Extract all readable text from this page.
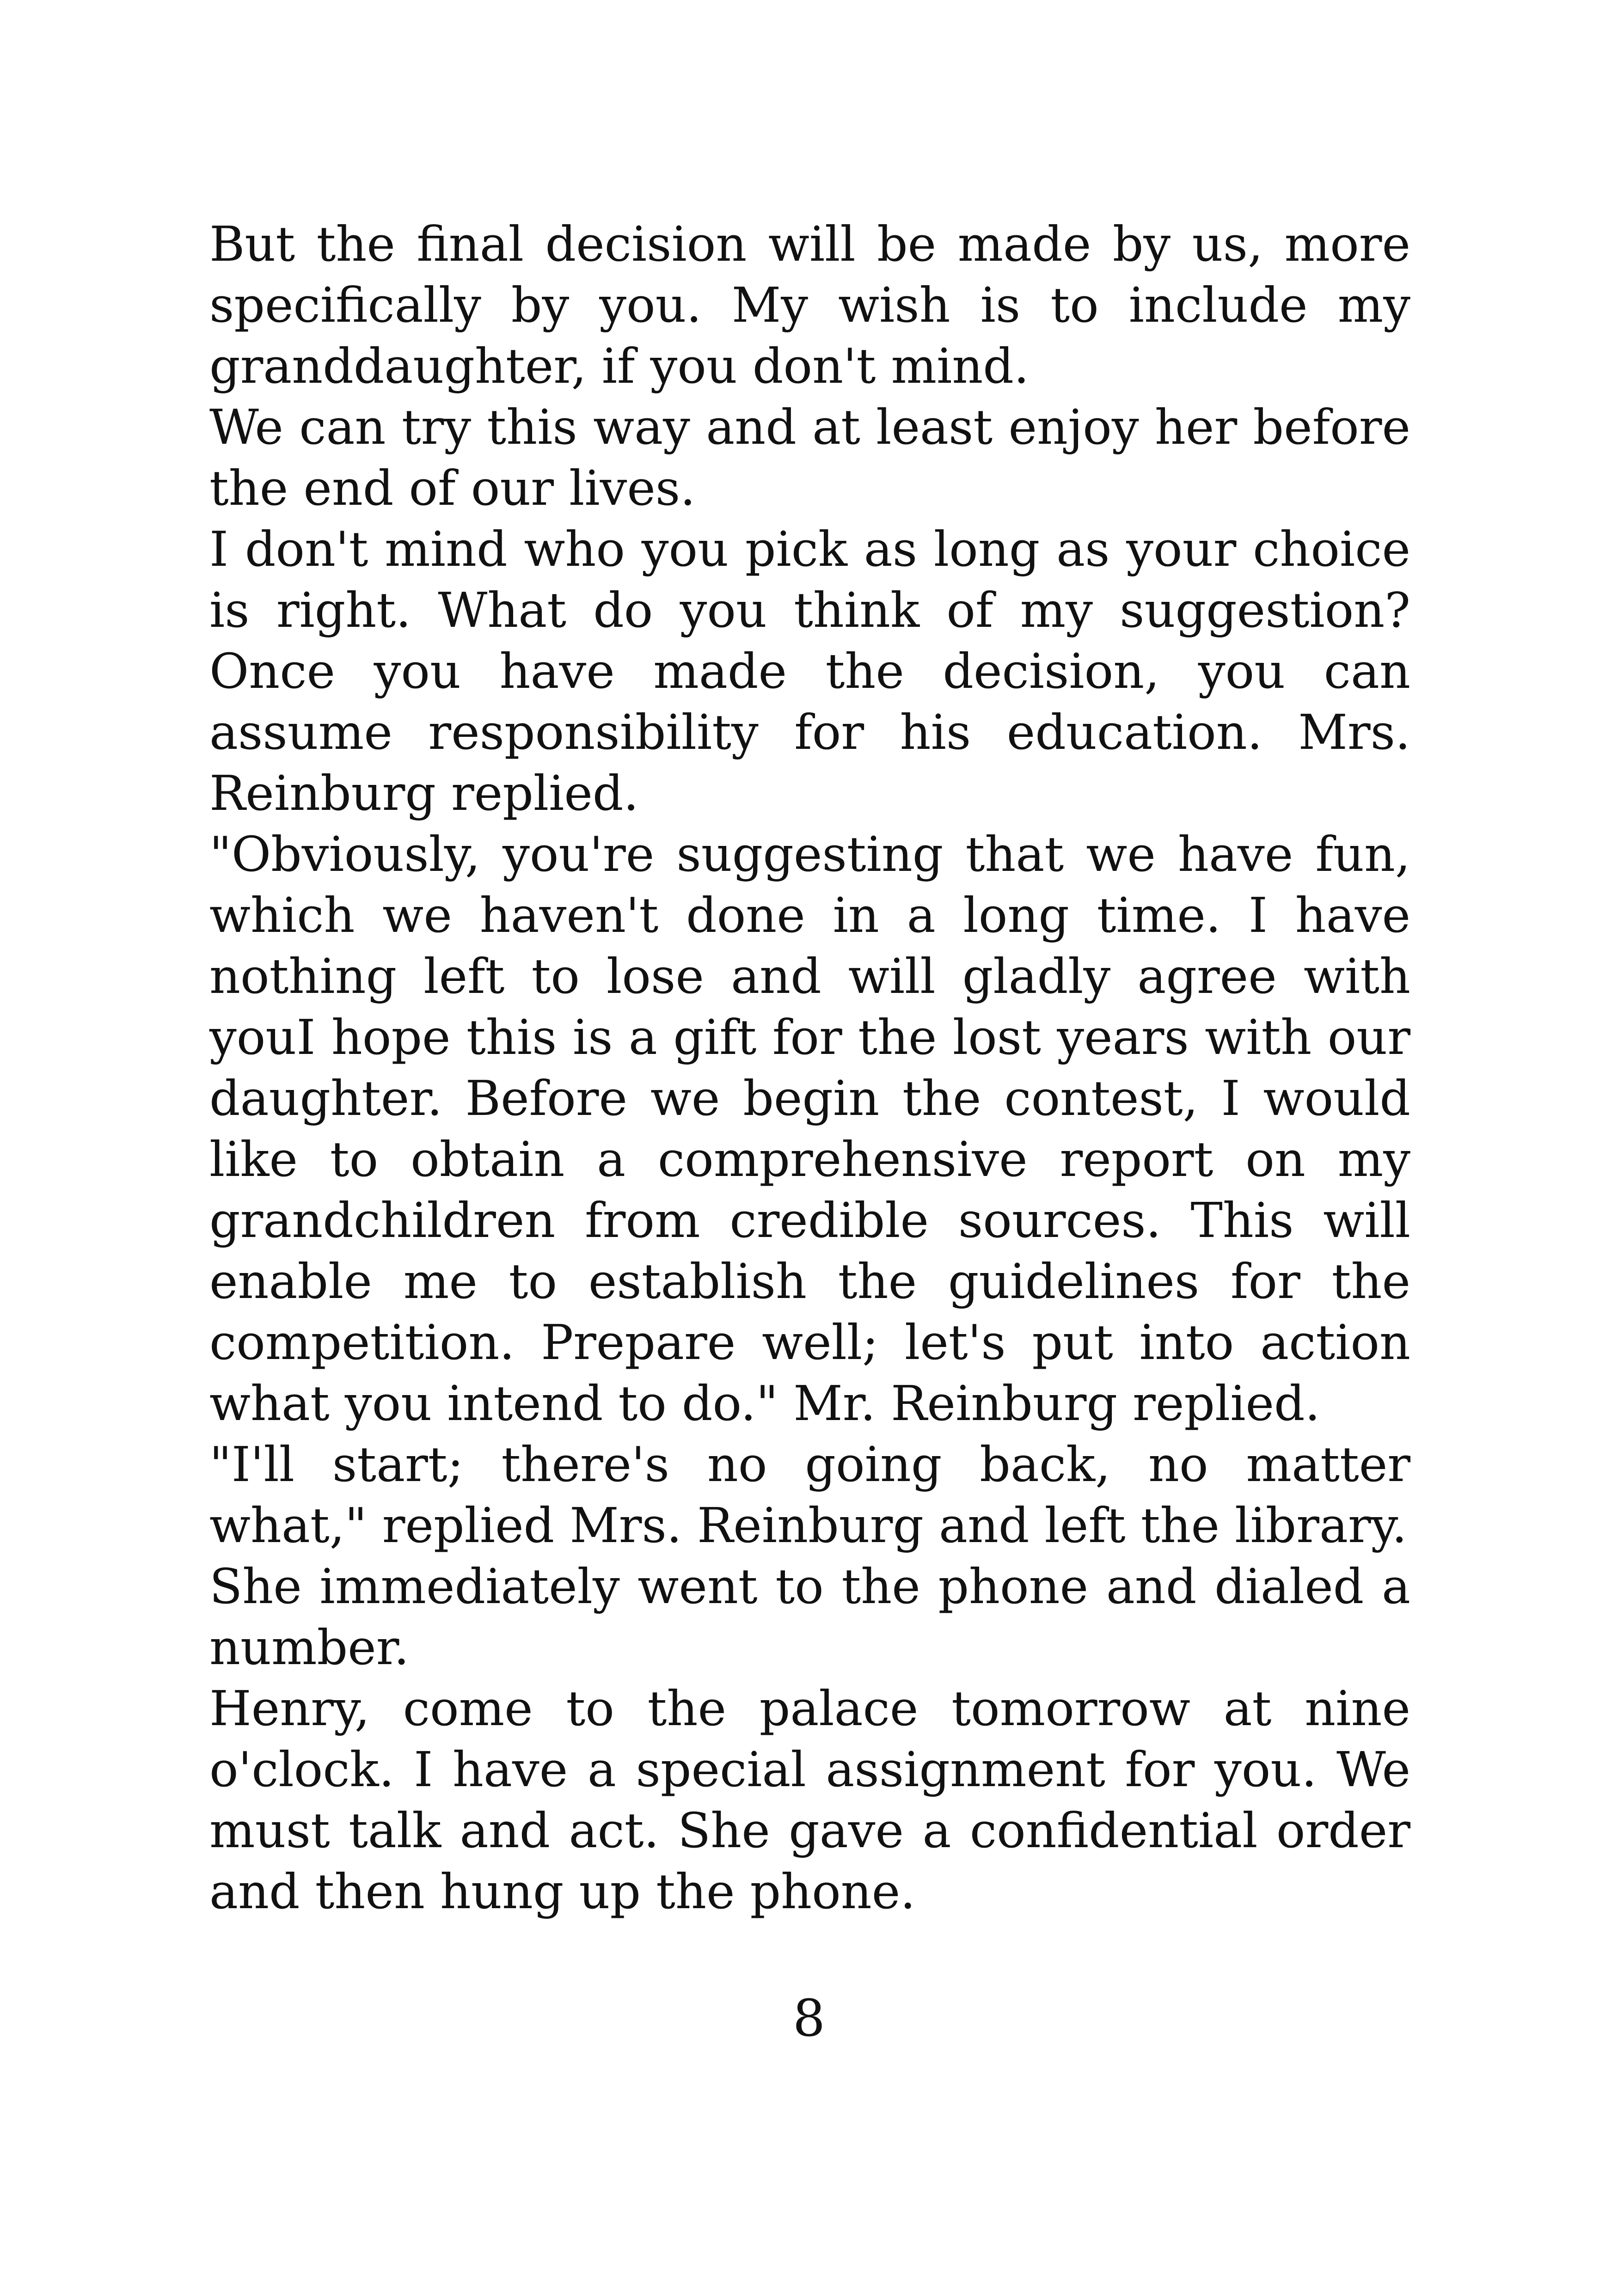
But the final decision will be made by us, more specifically by you. My wish is to include my granddaughter, if you don't mind.

We can try this way and at least enjoy her before the end of our lives.

I don't mind who you pick as long as your choice is right. What do you think of my suggestion? Once you have made the decision, you can assume responsibility for his education. Mrs. Reinburg replied.

"Obviously, you're suggesting that we have fun, which we haven't done in a long time. I have nothing left to lose and will gladly agree with youI hope this is a gift for the lost years with our daughter. Before we begin the contest, I would like to obtain a comprehensive report on my grandchildren from credible sources. This will enable me to establish the guidelines for the competition. Prepare well; let's put into action what you intend to do." Mr. Reinburg replied.

"I'll start; there's no going back, no matter what," replied Mrs. Reinburg and left the library.

She immediately went to the phone and dialed a number.

Henry, come to the palace tomorrow at nine o'clock. I have a special assignment for you. We must talk and act. She gave a confidential order and then hung up the phone.

8
